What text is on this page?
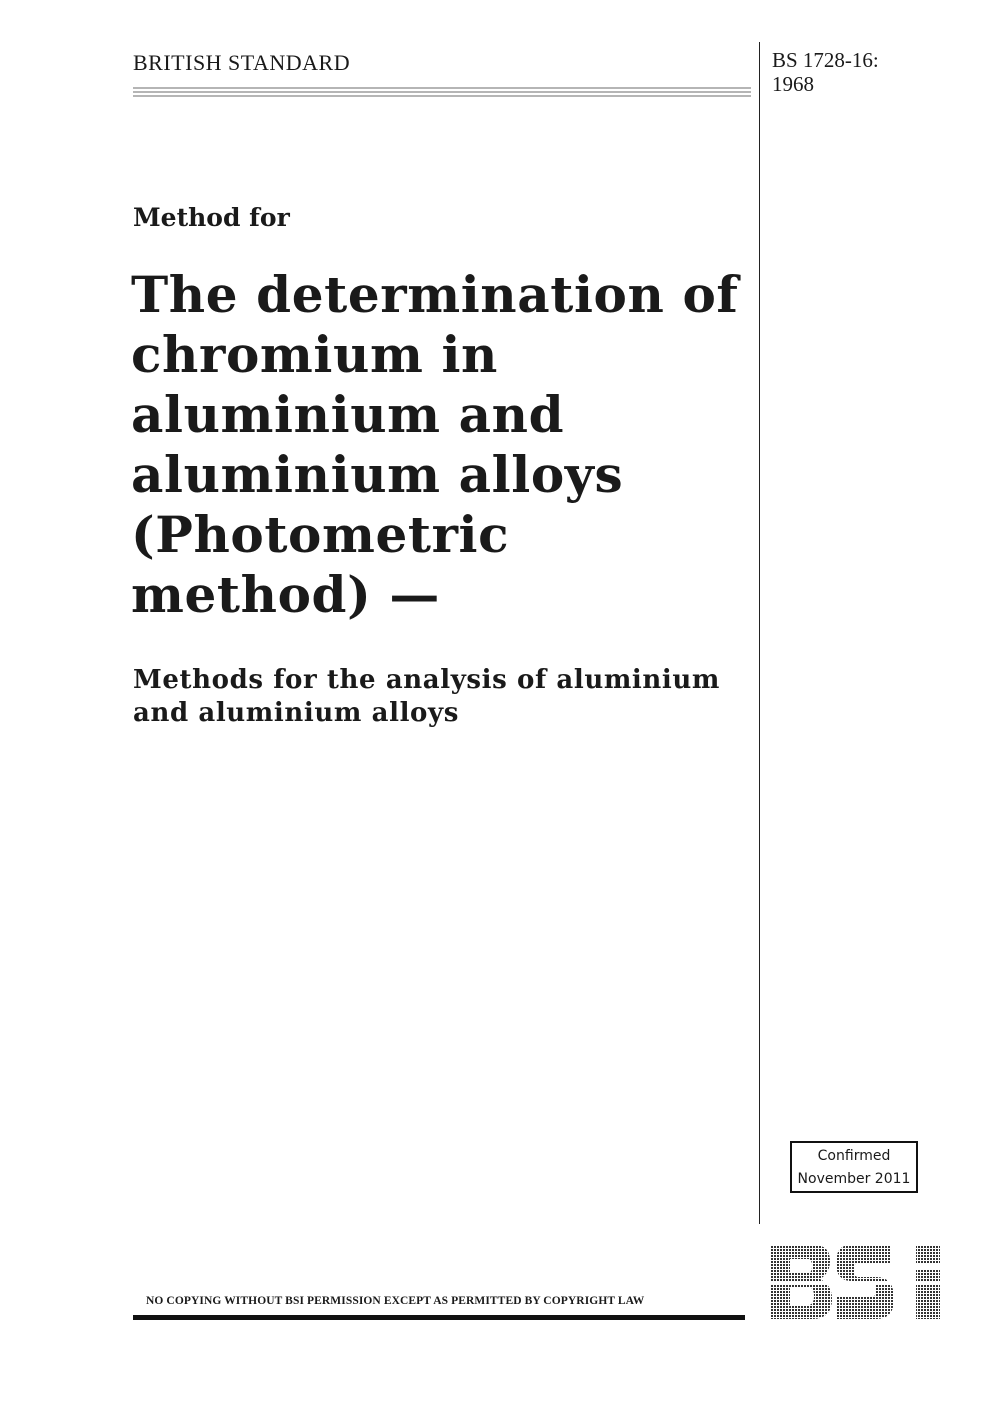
BRITISH STANDARD	BS 1728-16:
1968
Method for
The determination of
chromium in
aluminium and
aluminium alloys
(Photometric
method) —
Methods for the analysis of aluminium
and aluminium alloys
Confirmed
November 2011
NO COPYING WITHOUT BSI PERMISSION EXCEPT AS PERMITTED BY COPYRIGHT LAW
